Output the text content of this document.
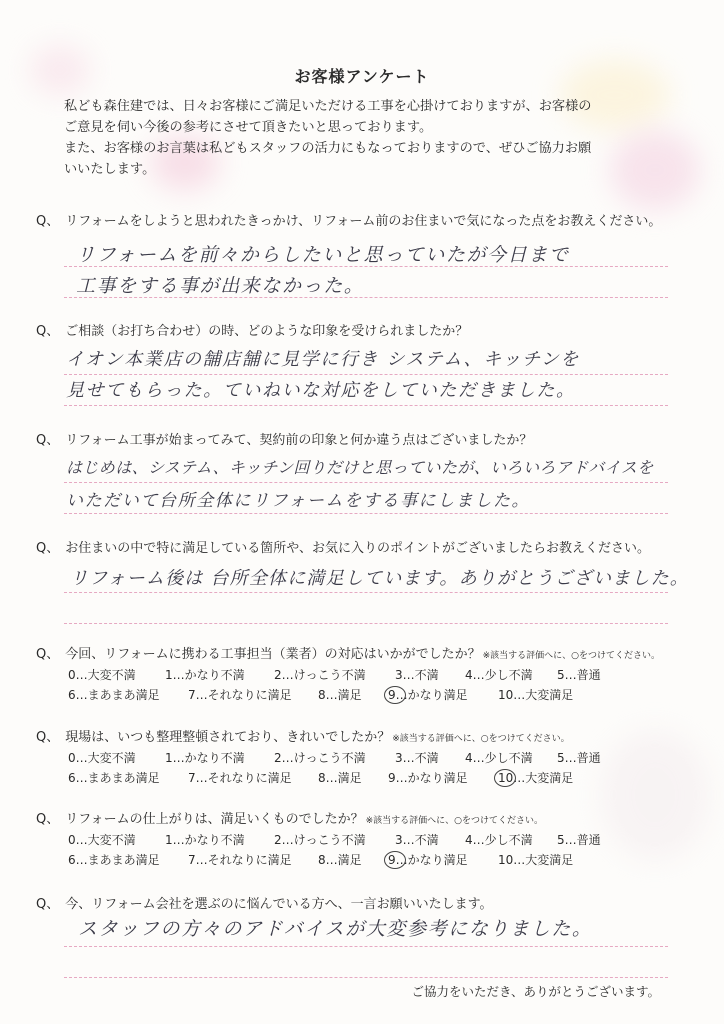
お客様アンケート
私ども森住建では、日々お客様にご満足いただける工事を心掛けておりますが、お客様の
ご意見を伺い今後の参考にさせて頂きたいと思っております。
また、お客様のお言葉は私どもスタッフの活力にもなっておりますので、ぜひご協力お願
いいたします。
Q、 リフォームをしようと思われたきっかけ、リフォーム前のお住まいで気になった点をお教えください。
リフォームを前々からしたいと思っていたが今日まで
工事をする事が出来なかった。
Q、 ご相談（お打ち合わせ）の時、どのような印象を受けられましたか？
イオン本業店の舗店舗に見学に行き システム、キッチンを
見せてもらった。ていねいな対応をしていただきました。
Q、 リフォーム工事が始まってみて、契約前の印象と何か違う点はございましたか？
はじめは、システム、キッチン回りだけと思っていたが、いろいろアドバイスを
いただいて台所全体にリフォームをする事にしました。
Q、 お住まいの中で特に満足している箇所や、お気に入りのポイントがございましたらお教えください。
リフォーム後は 台所全体に満足しています。ありがとうございました。
Q、 今回、リフォームに携わる工事担当（業者）の対応はいかがでしたか？ ※該当する評価へに、○をつけてください。
0…大変不満 1…かなり不満 2…けっこう不満 3…不満 4…少し不満 5…普通
6…まあまあ満足 7…それなりに満足 8…満足 9…かなり満足	10…大変満足
Q、 現場は、いつも整理整頓されており、きれいでしたか？ ※該当する評価へに、○をつけてください。
0…大変不満 1…かなり不満 2…けっこう不満 3…不満 4…少し不満 5…普通
6…まあまあ満足 7…それなりに満足 8…満足 9…かなり満足	10…大変満足
Q、 リフォームの仕上がりは、満足いくものでしたか？ ※該当する評価へに、○をつけてください。
0…大変不満 1…かなり不満 2…けっこう不満 3…不満 4…少し不満 5…普通
6…まあまあ満足 7…それなりに満足 8…満足 9…かなり満足	10…大変満足
Q、 今、リフォーム会社を選ぶのに悩んでいる方へ、一言お願いいたします。
スタッフの方々のアドバイスが大変参考になりました。
ご協力をいただき、ありがとうございます。
